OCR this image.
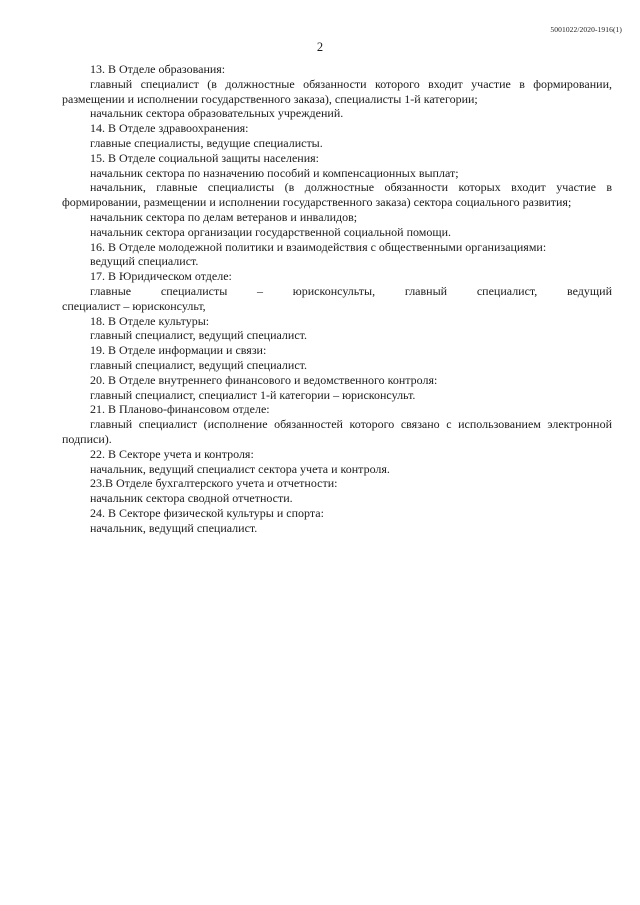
5001022/2020-1916(1)
2

13. В Отделе образования:

главный специалист (в должностные обязанности которого входит участие в формировании, размещении и исполнении государственного заказа), специалисты 1-й категории;

начальник сектора образовательных учреждений.

14. В Отделе здравоохранения:

главные специалисты, ведущие специалисты.

15. В Отделе социальной защиты населения:

начальник сектора по назначению пособий и компенсационных выплат;

начальник, главные специалисты (в должностные обязанности которых входит участие в формировании, размещении и исполнении государственного заказа) сектора социального развития;

начальник сектора по делам ветеранов и инвалидов;

начальник сектора организации государственной социальной помощи.

16. В Отделе молодежной политики и взаимодействия с общественными организациями:

ведущий специалист.

17. В Юридическом отделе:

главные специалисты – юрисконсульты, главный специалист, ведущий

специалист – юрисконсульт,

18. В Отделе культуры:

главный специалист, ведущий специалист.

19. В Отделе информации и связи:

главный специалист, ведущий специалист.

20. В Отделе внутреннего финансового и ведомственного контроля:

главный специалист, специалист 1-й категории – юрисконсульт.

21. В Планово-финансовом отделе:

главный специалист (исполнение обязанностей которого связано с использованием электронной подписи).

22. В Секторе учета и контроля:

начальник, ведущий специалист сектора учета и контроля.

23.В Отделе бухгалтерского учета и отчетности:

начальник сектора сводной отчетности.

24. В Секторе физической культуры и спорта:

начальник, ведущий специалист.
